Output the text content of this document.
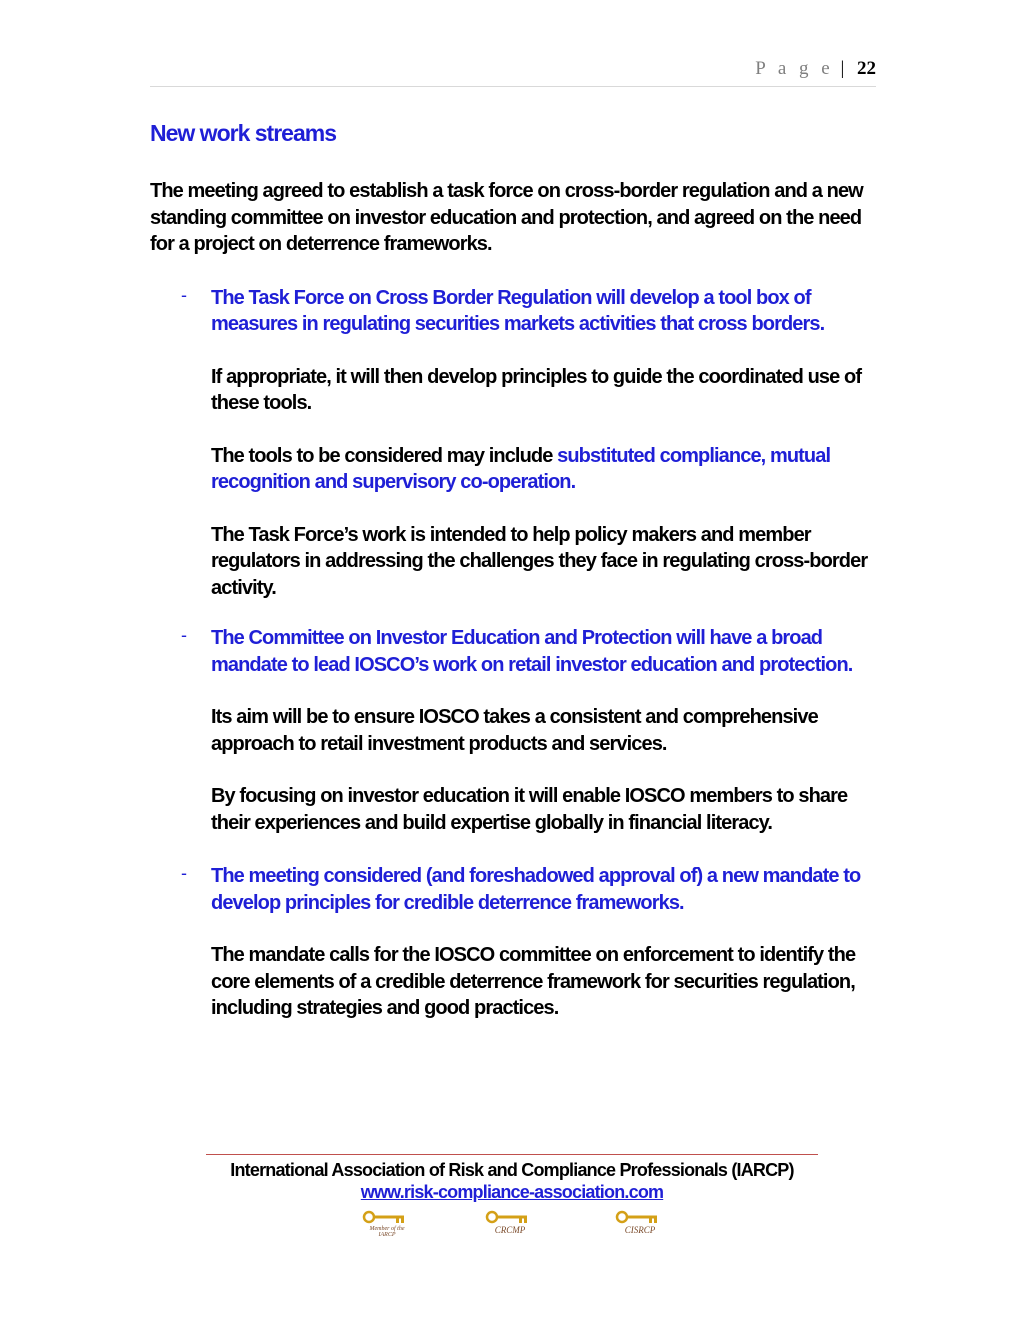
P a g e | 22
New work streams

The meeting agreed to establish a task force on cross-border regulation and a new standing committee on investor education and protection, and agreed on the need for a project on deterrence frameworks.

- The Task Force on Cross Border Regulation will develop a tool box of measures in regulating securities markets activities that cross borders.

If appropriate, it will then develop principles to guide the coordinated use of these tools.

The tools to be considered may include substituted compliance, mutual recognition and supervisory co-operation.

The Task Force’s work is intended to help policy makers and member regulators in addressing the challenges they face in regulating cross-border activity.

- The Committee on Investor Education and Protection will have a broad mandate to lead IOSCO’s work on retail investor education and protection.

Its aim will be to ensure IOSCO takes a consistent and comprehensive approach to retail investment products and services.

By focusing on investor education it will enable IOSCO members to share their experiences and build expertise globally in financial literacy.

- The meeting considered (and foreshadowed approval of) a new mandate to develop principles for credible deterrence frameworks.

The mandate calls for the IOSCO committee on enforcement to identify the core elements of a credible deterrence framework for securities regulation, including strategies and good practices.

International Association of Risk and Compliance Professionals (IARCP)
www.risk-compliance-association.com
Member of the IARCP	CRCMP	CISRCP
